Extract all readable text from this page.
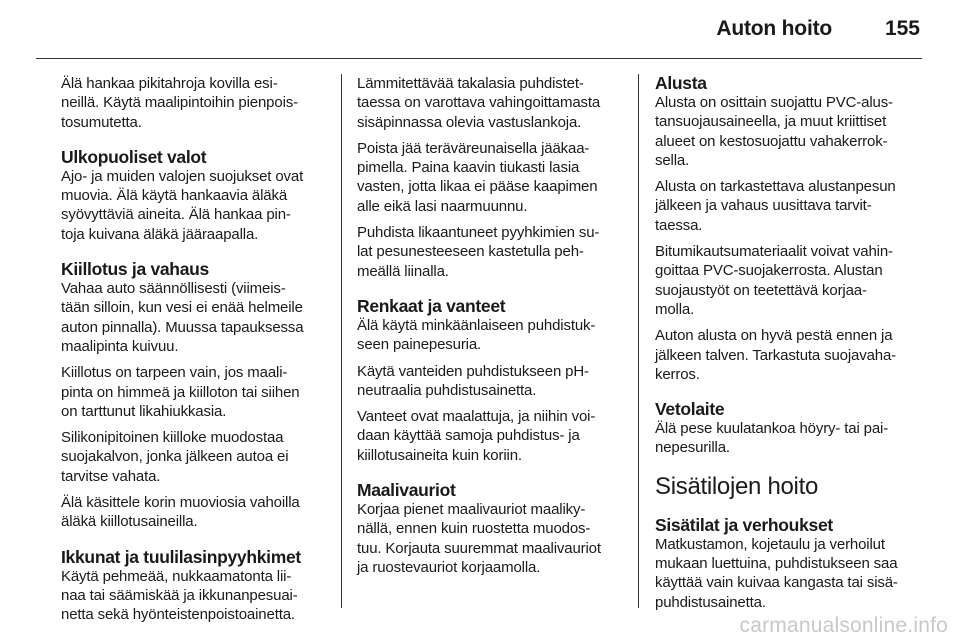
Auton hoito	155

Älä hankaa pikitahroja kovilla esi-
neillä. Käytä maalipintoihin pienpois-
tosumutetta.

Ulkopuoliset valot

Ajo- ja muiden valojen suojukset ovat
muovia. Älä käytä hankaavia äläkä
syövyttäviä aineita. Älä hankaa pin-
toja kuivana äläkä jääraapalla.

Kiillotus ja vahaus

Vahaa auto säännöllisesti (viimeis-
tään silloin, kun vesi ei enää helmeile
auton pinnalla). Muussa tapauksessa
maalipinta kuivuu.

Kiillotus on tarpeen vain, jos maali-
pinta on himmeä ja kiilloton tai siihen
on tarttunut likahiukkasia.

Silikonipitoinen kiilloke muodostaa
suojakalvon, jonka jälkeen autoa ei
tarvitse vahata.

Älä käsittele korin muoviosia vahoilla
äläkä kiillotusaineilla.

Ikkunat ja tuulilasinpyyhkimet

Käytä pehmeää, nukkaamatonta lii-
naa tai säämiskää ja ikkunanpesuai-
netta sekä hyönteistenpoistoainetta.

Lämmitettävää takalasia puhdistet-
taessa on varottava vahingoittamasta
sisäpinnassa olevia vastuslankoja.

Poista jää teräväreunaisella jääkaa-
pimella. Paina kaavin tiukasti lasia
vasten, jotta likaa ei pääse kaapimen
alle eikä lasi naarmuunnu.

Puhdista likaantuneet pyyhkimien su-
lat pesunesteeseen kastetulla peh-
meällä liinalla.

Renkaat ja vanteet

Älä käytä minkäänlaiseen puhdistuk-
seen painepesuria.

Käytä vanteiden puhdistukseen pH-
neutraalia puhdistusainetta.

Vanteet ovat maalattuja, ja niihin voi-
daan käyttää samoja puhdistus- ja
kiillotusaineita kuin koriin.

Maalivauriot

Korjaa pienet maalivauriot maaliky-
nällä, ennen kuin ruostetta muodos-
tuu. Korjauta suuremmat maalivauriot
ja ruostevauriot korjaamolla.

Alusta

Alusta on osittain suojattu PVC-alus-
tansuojausaineella, ja muut kriittiset
alueet on kestosuojattu vahakerrok-
sella.

Alusta on tarkastettava alustanpesun
jälkeen ja vahaus uusittava tarvit-
taessa.

Bitumikautsumateriaalit voivat vahin-
goittaa PVC-suojakerrosta. Alustan
suojaustyöt on teetettävä korjaa-
molla.

Auton alusta on hyvä pestä ennen ja
jälkeen talven. Tarkastuta suojavaha-
kerros.

Vetolaite

Älä pese kuulatankoa höyry- tai pai-
nepesurilla.

Sisätilojen hoito
Sisätilat ja verhoukset

Matkustamon, kojetaulu ja verhoilut
mukaan luettuina, puhdistukseen saa
käyttää vain kuivaa kangasta tai sisä-
puhdistusainetta.

carmanualsonline.info
